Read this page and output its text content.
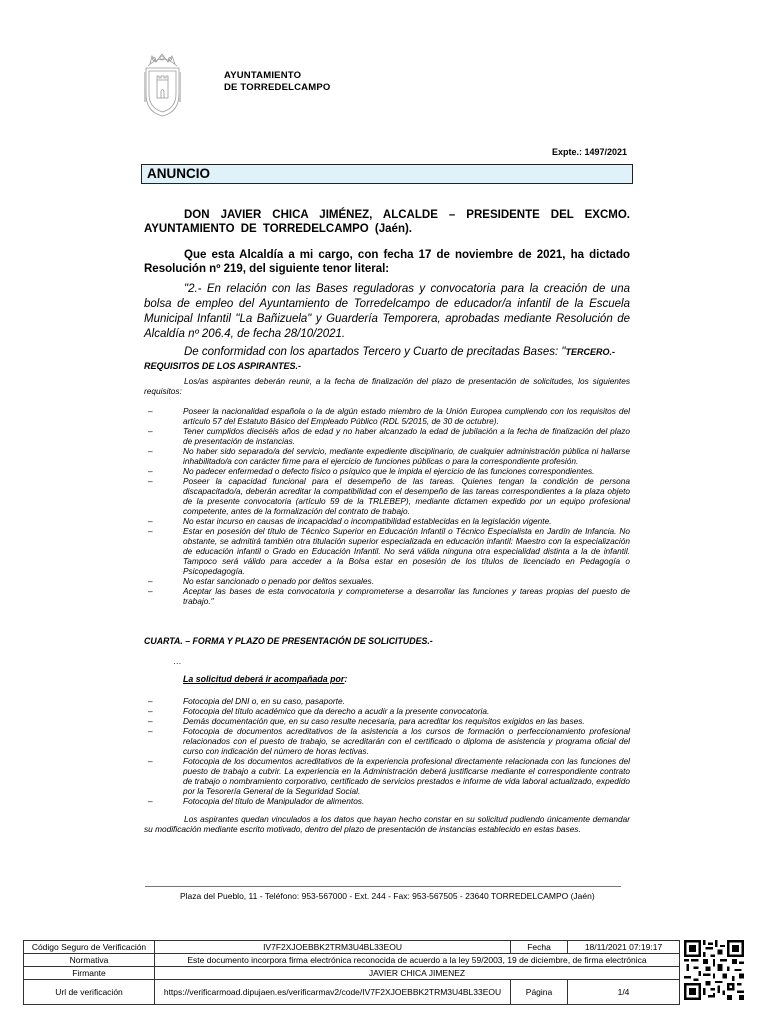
AYUNTAMIENTO
DE TORREDELCAMPO
Expte.: 1497/2021
ANUNCIO
DON JAVIER CHICA JIMÉNEZ, ALCALDE – PRESIDENTE DEL EXCMO. AYUNTAMIENTO DE TORREDELCAMPO (Jaén).
Que esta Alcaldía a mi cargo, con fecha 17 de noviembre de 2021, ha dictado Resolución nº 219, del siguiente tenor literal:
"2.- En relación con las Bases reguladoras y convocatoria para la creación de una bolsa de empleo del Ayuntamiento de Torredelcampo de educador/a infantil de la Escuela Municipal Infantil "La Bañizuela" y Guardería Temporera, aprobadas mediante Resolución de Alcaldía nº 206.4, de fecha 28/10/2021.
De conformidad con los apartados Tercero y Cuarto de precitadas Bases: "TERCERO.-
REQUISITOS DE LOS ASPIRANTES.-
Los/as aspirantes deberán reunir, a la fecha de finalización del plazo de presentación de solicitudes, los siguientes requisitos:
–	Poseer la nacionalidad española o la de algún estado miembro de la Unión Europea cumpliendo con los requisitos del artículo 57 del Estatuto Básico del Empleado Público (RDL 5/2015, de 30 de octubre).
–	Tener cumplidos dieciséis años de edad y no haber alcanzado la edad de jubilación a la fecha de finalización del plazo de presentación de instancias.
–	No haber sido separado/a del servicio, mediante expediente disciplinario, de cualquier administración pública ni hallarse inhabilitado/a con carácter firme para el ejercicio de funciones públicas o para la correspondiente profesión.
–	No padecer enfermedad o defecto físico o psíquico que le impida el ejercicio de las funciones correspondientes.
–	Poseer la capacidad funcional para el desempeño de las tareas. Quienes tengan la condición de persona discapacitado/a, deberán acreditar la compatibilidad con el desempeño de las tareas correspondientes a la plaza objeto de la presente convocatoria (artículo 59 de la TRLEBEP), mediante dictamen expedido por un equipo profesional competente, antes de la formalización del contrato de trabajo.
–	No estar incurso en causas de incapacidad o incompatibilidad establecidas en la legislación vigente.
–	Estar en posesión del título de Técnico Superior en Educación Infantil o Técnico Especialista en Jardín de Infancia. No obstante, se admitirá también otra titulación superior especializada en educación infantil: Maestro con la especialización de educación infantil o Grado en Educación Infantil. No será válida ninguna otra especialidad distinta a la de infantil. Tampoco será válido para acceder a la Bolsa estar en posesión de los títulos de licenciado en Pedagogía o Psicopedagogía.
–	No estar sancionado o penado por delitos sexuales.
–	Aceptar las bases de esta convocatoria y comprometerse a desarrollar las funciones y tareas propias del puesto de trabajo."
CUARTA. – FORMA Y PLAZO DE PRESENTACIÓN DE SOLICITUDES.-
…
La solicitud deberá ir acompañada por:
–	Fotocopia del DNI o, en su caso, pasaporte.
–	Fotocopia del título académico que da derecho a acudir a la presente convocatoria.
–	Demás documentación que, en su caso resulte necesaria, para acreditar los requisitos exigidos en las bases.
–	Fotocopia de documentos acreditativos de la asistencia a los cursos de formación o perfeccionamiento profesional relacionados con el puesto de trabajo, se acreditarán con el certificado o diploma de asistencia y programa oficial del curso con indicación del número de horas lectivas.
–	Fotocopia de los documentos acreditativos de la experiencia profesional directamente relacionada con las funciones del puesto de trabajo a cubrir. La experiencia en la Administración deberá justificarse mediante el correspondiente contrato de trabajo o nombramiento corporativo, certificado de servicios prestados e informe de vida laboral actualizado, expedido por la Tesorería General de la Seguridad Social.
–	Fotocopia del título de Manipulador de alimentos.
Los aspirantes quedan vinculados a los datos que hayan hecho constar en su solicitud pudiendo únicamente demandar su modificación mediante escrito motivado, dentro del plazo de presentación de instancias establecido en estas bases.
Plaza del Pueblo, 11 - Teléfono: 953-567000 - Ext. 244 - Fax: 953-567505 - 23640 TORREDELCAMPO (Jaén)
Código Seguro de Verificación	IV7F2XJOEBBK2TRM3U4BL33EOU	Fecha	18/11/2021 07:19:17
Normativa	Este documento incorpora firma electrónica reconocida de acuerdo a la ley 59/2003, 19 de diciembre, de firma electrónica		
Firmante	JAVIER CHICA JIMENEZ		
Url de verificación	https://verificarmoad.dipujaen.es/verificarmav2/code/IV7F2XJOEBBK2TRM3U4BL33EOU	Página	1/4
